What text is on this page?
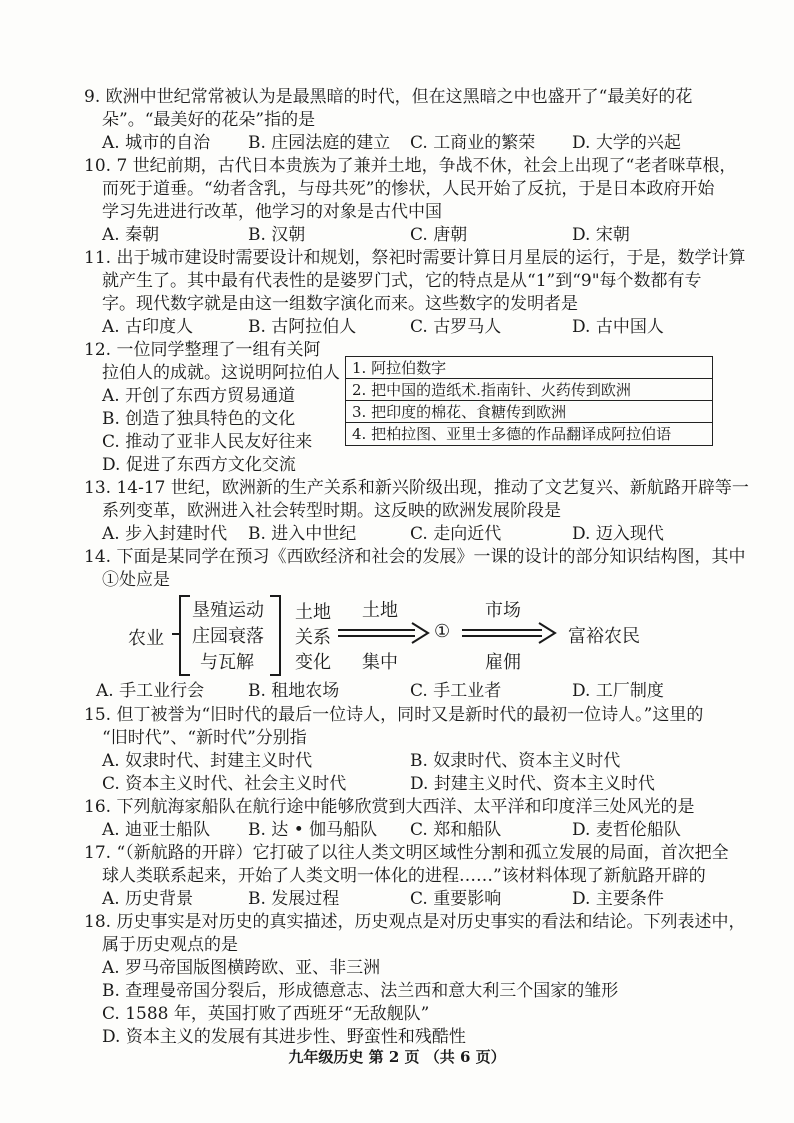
9. 欧洲中世纪常常被认为是最黑暗的时代，但在这黑暗之中也盛开了“最美好的花
朵”。“最美好的花朵”指的是
A. 城市的自治 B. 庄园法庭的建立 C. 工商业的繁荣 D. 大学的兴起
10. 7 世纪前期，古代日本贵族为了兼并土地，争战不休，社会上出现了“老者咪草根，
而死于道垂。“幼者含乳，与母共死”的惨状，人民开始了反抗，于是日本政府开始
学习先进进行改革，他学习的对象是古代中国
A. 秦朝	B. 汉朝	C. 唐朝	D. 宋朝
11. 出于城市建设时需要设计和规划，祭祀时需要计算日月星辰的运行，于是，数学计算
就产生了。其中最有代表性的是婆罗门式，它的特点是从“1”到“9"每个数都有专
字。现代数字就是由这一组数字演化而来。这些数字的发明者是
A. 古印度人	B. 古阿拉伯人	C. 古罗马人	D. 古中国人
12. 一位同学整理了一组有关阿
拉伯人的成就。这说明阿拉伯人
A. 开创了东西方贸易通道
B. 创造了独具特色的文化
C. 推动了亚非人民友好往来
D. 促进了东西方文化交流
1. 阿拉伯数字
2. 把中国的造纸术.指南针、火药传到欧洲
3. 把印度的棉花、食糖传到欧洲
4. 把柏拉图、亚里士多德的作品翻译成阿拉伯语
13. 14-17 世纪，欧洲新的生产关系和新兴阶级出现，推动了文艺复兴、新航路开辟等一
系列变革，欧洲进入社会转型时期。这反映的欧洲发展阶段是
A. 步入封建时代 B. 进入中世纪	C. 走向近代	D. 迈入现代
14. 下面是某同学在预习《西欧经济和社会的发展》一课的设计的部分知识结构图，其中
①处应是
农业
垦殖运动
庄园衰落
与瓦解
土地
关系
变化
土地
集中
①
市场
雇佣
富裕农民
A. 手工业行会	B. 租地农场	C. 手工业者	D. 工厂制度
15. 但丁被誉为“旧时代的最后一位诗人，同时又是新时代的最初一位诗人。”这里的
“旧时代”、“新时代”分别指
A. 奴隶时代、封建主义时代	B. 奴隶时代、资本主义时代
C. 资本主义时代、社会主义时代	D. 封建主义时代、资本主义时代
16. 下列航海家船队在航行途中能够欣赏到大西洋、太平洋和印度洋三处风光的是
A. 迪亚士船队 B. 达 • 伽马船队 C. 郑和船队	D. 麦哲伦船队
17. “（新航路的开辟）它打破了以往人类文明区域性分割和孤立发展的局面，首次把全
球人类联系起来，开始了人类文明一体化的进程……”该材料体现了新航路开辟的
A. 历史背景	B. 发展过程	C. 重要影响	D. 主要条件
18. 历史事实是对历史的真实描述，历史观点是对历史事实的看法和结论。下列表述中，
属于历史观点的是
A. 罗马帝国版图横跨欧、亚、非三洲
B. 查理曼帝国分裂后，形成德意志、法兰西和意大利三个国家的雏形
C. 1588 年，英国打败了西班牙“无敌舰队”
D. 资本主义的发展有其进步性、野蛮性和残酷性
九年级历史 第 2 页 （共 6 页）
